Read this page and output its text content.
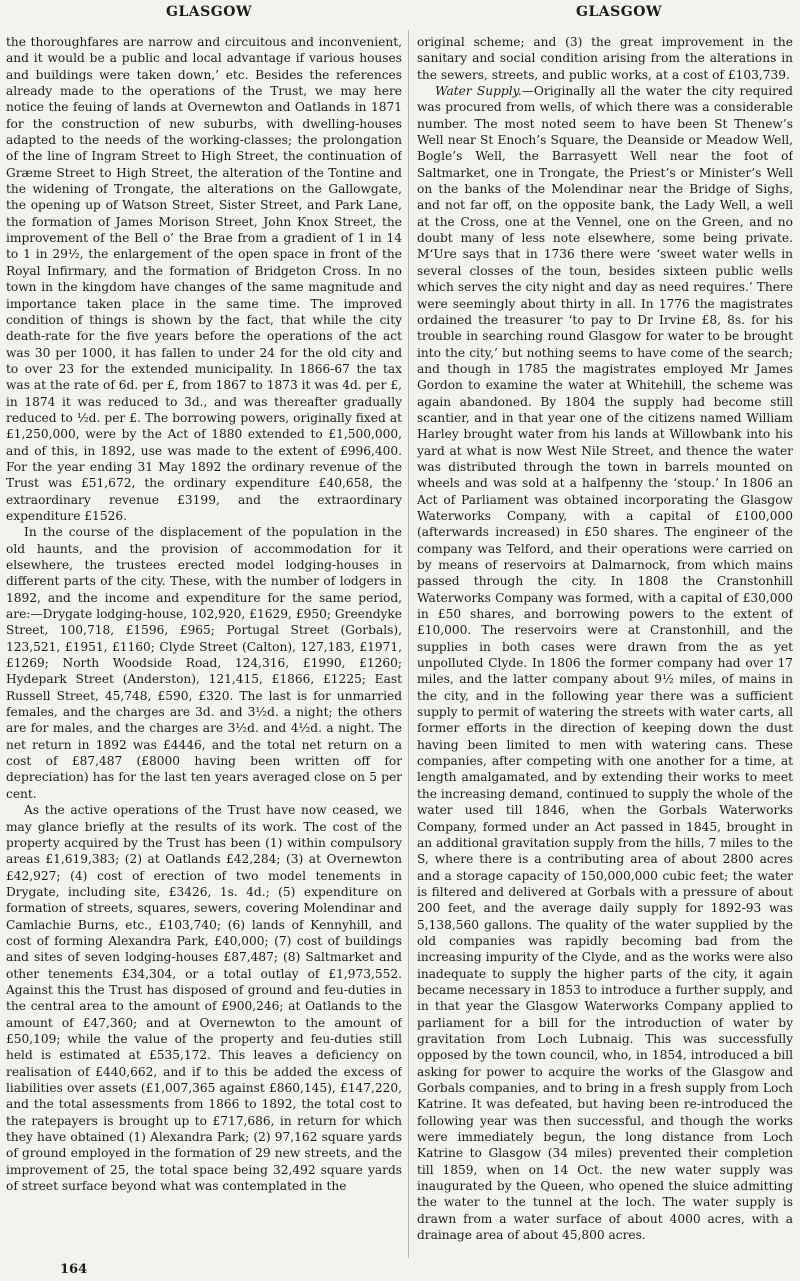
GLASGOW	GLASGOW

the thoroughfares are narrow and circuitous and inconvenient, and it would be a public and local advantage if various houses and buildings were taken down,’ etc. Besides the references already made to the operations of the Trust, we may here notice the feuing of lands at Overnewton and Oatlands in 1871 for the construction of new suburbs, with dwelling-houses adapted to the needs of the working-classes; the prolongation of the line of Ingram Street to High Street, the continuation of Græme Street to High Street, the alteration of the Tontine and the widening of Trongate, the alterations on the Gallowgate, the opening up of Watson Street, Sister Street, and Park Lane, the formation of James Morison Street, John Knox Street, the improvement of the Bell o’ the Brae from a gradient of 1 in 14 to 1 in 29½, the enlargement of the open space in front of the Royal Infirmary, and the formation of Bridgeton Cross. In no town in the kingdom have changes of the same magnitude and importance taken place in the same time. The improved condition of things is shown by the fact, that while the city death-rate for the five years before the operations of the act was 30 per 1000, it has fallen to under 24 for the old city and to over 23 for the extended municipality. In 1866-67 the tax was at the rate of 6d. per £, from 1867 to 1873 it was 4d. per £, in 1874 it was reduced to 3d., and was thereafter gradually reduced to ½d. per £. The borrowing powers, originally fixed at £1,250,000, were by the Act of 1880 extended to £1,500,000, and of this, in 1892, use was made to the extent of £996,400. For the year ending 31 May 1892 the ordinary revenue of the Trust was £51,672, the ordinary expenditure £40,658, the extraordinary revenue £3199, and the extraordinary expenditure £1526.

In the course of the displacement of the population in the old haunts, and the provision of accommodation for it elsewhere, the trustees erected model lodging-houses in different parts of the city. These, with the number of lodgers in 1892, and the income and expenditure for the same period, are:—Drygate lodging-house, 102,920, £1629, £950; Greendyke Street, 100,718, £1596, £965; Portugal Street (Gorbals), 123,521, £1951, £1160; Clyde Street (Calton), 127,183, £1971, £1269; North Woodside Road, 124,316, £1990, £1260; Hydepark Street (Anderston), 121,415, £1866, £1225; East Russell Street, 45,748, £590, £320. The last is for unmarried females, and the charges are 3d. and 3½d. a night; the others are for males, and the charges are 3½d. and 4½d. a night. The net return in 1892 was £4446, and the total net return on a cost of £87,487 (£8000 having been written off for depreciation) has for the last ten years averaged close on 5 per cent.

As the active operations of the Trust have now ceased, we may glance briefly at the results of its work. The cost of the property acquired by the Trust has been (1) within compulsory areas £1,619,383; (2) at Oatlands £42,284; (3) at Overnewton £42,927; (4) cost of erection of two model tenements in Drygate, including site, £3426, 1s. 4d.; (5) expenditure on formation of streets, squares, sewers, covering Molendinar and Camlachie Burns, etc., £103,740; (6) lands of Kennyhill, and cost of forming Alexandra Park, £40,000; (7) cost of buildings and sites of seven lodging-houses £87,487; (8) Saltmarket and other tenements £34,304, or a total outlay of £1,973,552. Against this the Trust has disposed of ground and feu-duties in the central area to the amount of £900,246; at Oatlands to the amount of £47,360; and at Overnewton to the amount of £50,109; while the value of the property and feu-duties still held is estimated at £535,172. This leaves a deficiency on realisation of £440,662, and if to this be added the excess of liabilities over assets (£1,007,365 against £860,145), £147,220, and the total assessments from 1866 to 1892, the total cost to the ratepayers is brought up to £717,686, in return for which they have obtained (1) Alexandra Park; (2) 97,162 square yards of ground employed in the formation of 29 new streets, and the improvement of 25, the total space being 32,492 square yards of street surface beyond what was contemplated in the

original scheme; and (3) the great improvement in the sanitary and social condition arising from the alterations in the sewers, streets, and public works, at a cost of £103,739.

Water Supply.—Originally all the water the city required was procured from wells, of which there was a considerable number. The most noted seem to have been St Thenew’s Well near St Enoch’s Square, the Deanside or Meadow Well, Bogle’s Well, the Barrasyett Well near the foot of Saltmarket, one in Trongate, the Priest’s or Minister’s Well on the banks of the Molendinar near the Bridge of Sighs, and not far off, on the opposite bank, the Lady Well, a well at the Cross, one at the Vennel, one on the Green, and no doubt many of less note elsewhere, some being private. M‘Ure says that in 1736 there were ‘sweet water wells in several closses of the toun, besides sixteen public wells which serves the city night and day as need requires.’ There were seemingly about thirty in all. In 1776 the magistrates ordained the treasurer ‘to pay to Dr Irvine £8, 8s. for his trouble in searching round Glasgow for water to be brought into the city,’ but nothing seems to have come of the search; and though in 1785 the magistrates employed Mr James Gordon to examine the water at Whitehill, the scheme was again abandoned. By 1804 the supply had become still scantier, and in that year one of the citizens named William Harley brought water from his lands at Willowbank into his yard at what is now West Nile Street, and thence the water was distributed through the town in barrels mounted on wheels and was sold at a halfpenny the ‘stoup.’ In 1806 an Act of Parliament was obtained incorporating the Glasgow Waterworks Company, with a capital of £100,000 (afterwards increased) in £50 shares. The engineer of the company was Telford, and their operations were carried on by means of reservoirs at Dalmarnock, from which mains passed through the city. In 1808 the Cranstonhill Waterworks Company was formed, with a capital of £30,000 in £50 shares, and borrowing powers to the extent of £10,000. The reservoirs were at Cranstonhill, and the supplies in both cases were drawn from the as yet unpolluted Clyde. In 1806 the former company had over 17 miles, and the latter company about 9½ miles, of mains in the city, and in the following year there was a sufficient supply to permit of watering the streets with water carts, all former efforts in the direction of keeping down the dust having been limited to men with watering cans. These companies, after competing with one another for a time, at length amalgamated, and by extending their works to meet the increasing demand, continued to supply the whole of the water used till 1846, when the Gorbals Waterworks Company, formed under an Act passed in 1845, brought in an additional gravitation supply from the hills, 7 miles to the S, where there is a contributing area of about 2800 acres and a storage capacity of 150,000,000 cubic feet; the water is filtered and delivered at Gorbals with a pressure of about 200 feet, and the average daily supply for 1892-93 was 5,138,560 gallons. The quality of the water supplied by the old companies was rapidly becoming bad from the increasing impurity of the Clyde, and as the works were also inadequate to supply the higher parts of the city, it again became necessary in 1853 to introduce a further supply, and in that year the Glasgow Waterworks Company applied to parliament for a bill for the introduction of water by gravitation from Loch Lubnaig. This was successfully opposed by the town council, who, in 1854, introduced a bill asking for power to acquire the works of the Glasgow and Gorbals companies, and to bring in a fresh supply from Loch Katrine. It was defeated, but having been re-introduced the following year was then successful, and though the works were immediately begun, the long distance from Loch Katrine to Glasgow (34 miles) prevented their completion till 1859, when on 14 Oct. the new water supply was inaugurated by the Queen, who opened the sluice admitting the water to the tunnel at the loch. The water supply is drawn from a water surface of about 4000 acres, with a drainage area of about 45,800 acres.

164
